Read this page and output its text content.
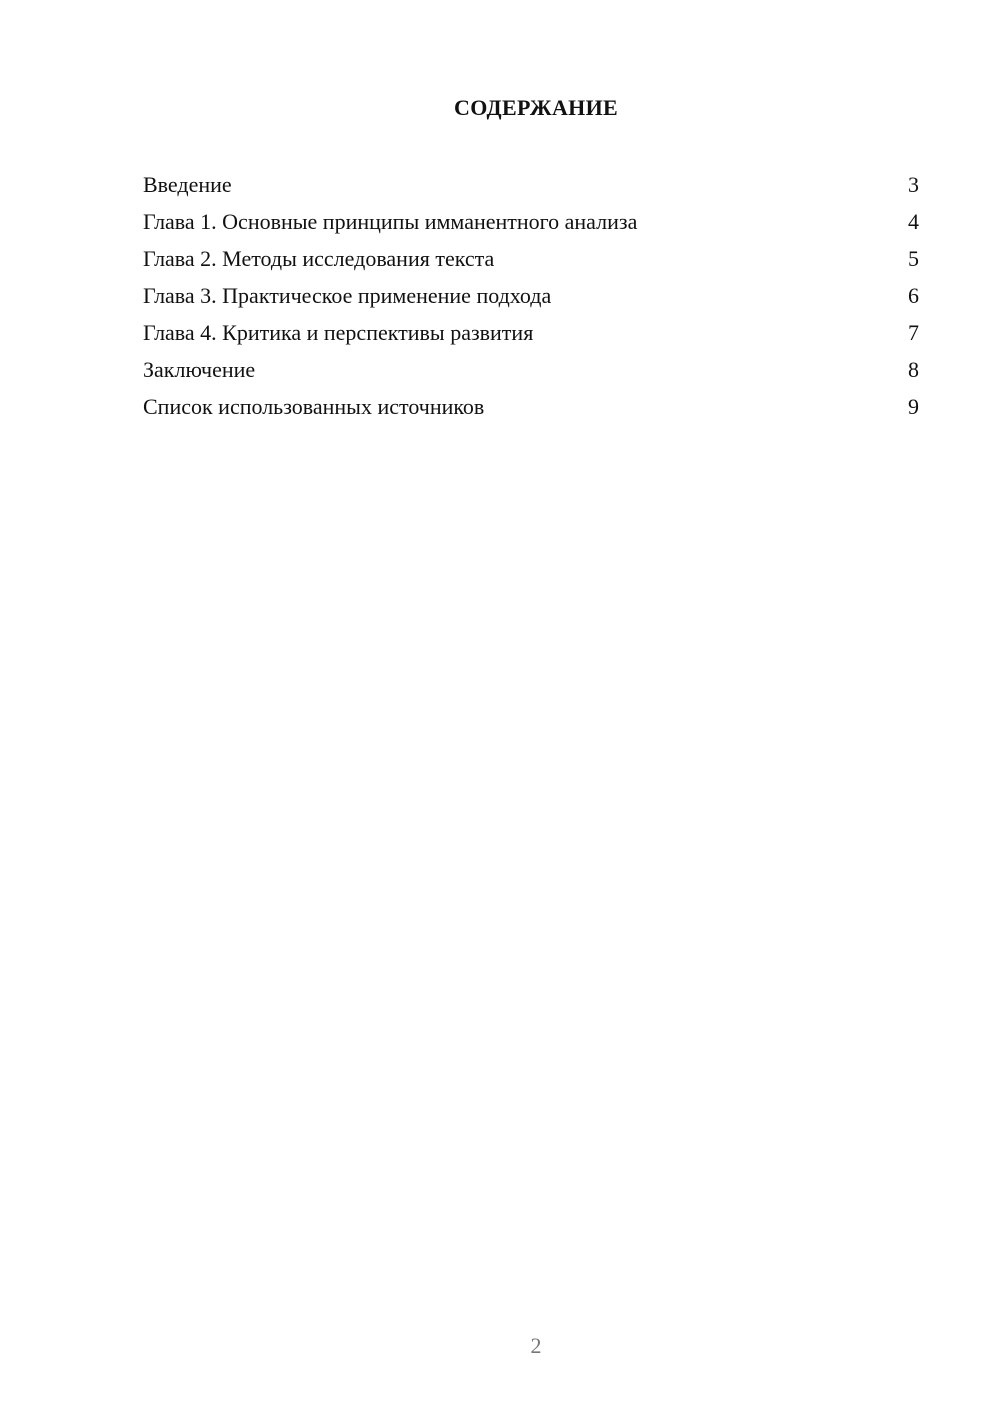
СОДЕРЖАНИЕ
Введение	3
Глава 1. Основные принципы имманентного анализа	4
Глава 2. Методы исследования текста	5
Глава 3. Практическое применение подхода	6
Глава 4. Критика и перспективы развития	7
Заключение	8
Список использованных источников	9
2
